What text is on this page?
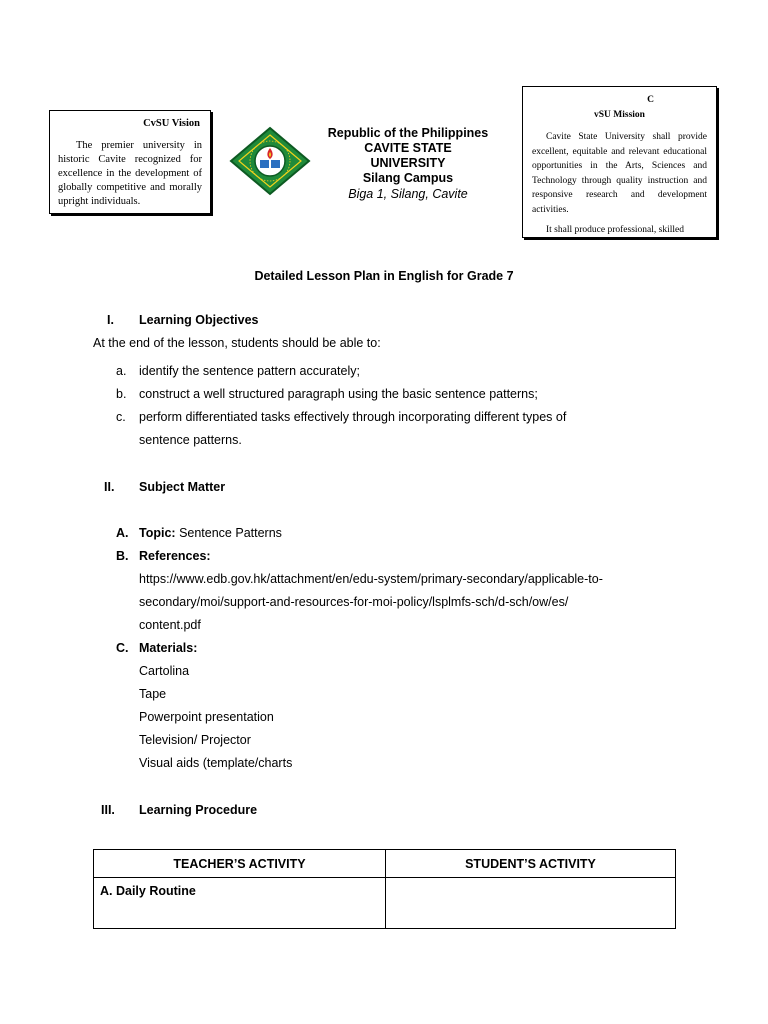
CvSU Vision
The premier university in historic Cavite recognized for excellence in the development of globally competitive and morally upright individuals.
Republic of the Philippines
CAVITE STATE
UNIVERSITY
Silang Campus
Biga 1, Silang, Cavite
C
vSU Mission
Cavite State University shall provide excellent, equitable and relevant educational opportunities in the Arts, Sciences and Technology through quality instruction and responsive research and development activities.
It shall produce professional, skilled
Detailed Lesson Plan in English for Grade 7
I. Learning Objectives
At the end of the lesson, students should be able to:
a. identify the sentence pattern accurately;
b. construct a well structured paragraph using the basic sentence patterns;
c. perform differentiated tasks effectively through incorporating different types of
sentence patterns.
II. Subject Matter
A. Topic: Sentence Patterns
B. References:
https://www.edb.gov.hk/attachment/en/edu-system/primary-secondary/applicable-to-
secondary/moi/support-and-resources-for-moi-policy/lsplmfs-sch/d-sch/ow/es/
content.pdf
C. Materials:
Cartolina
Tape
Powerpoint presentation
Television/ Projector
Visual aids (template/charts
III. Learning Procedure
TEACHER’S ACTIVITY	STUDENT’S ACTIVITY
A. Daily Routine	
